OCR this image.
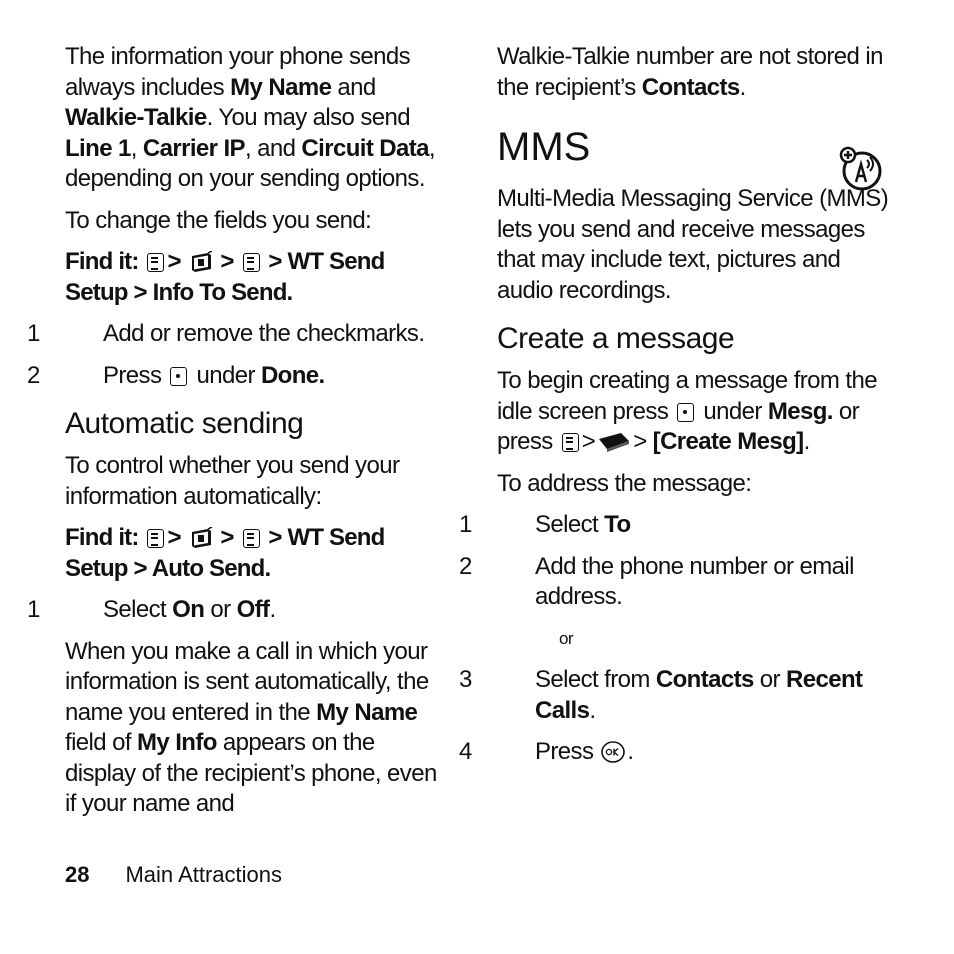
The information your phone sends always includes My Name and Walkie-Talkie. You may also send Line 1, Carrier IP, and Circuit Data, depending on your sending options.

To change the fields you send:

Find it: > > > WT Send Setup > Info To Send.

1	Add or remove the checkmarks.

2	Press  under Done.

Automatic sending

To control whether you send your information automatically:

Find it: > > > WT Send Setup > Auto Send.

1	Select On or Off.

When you make a call in which your information is sent automatically, the name you entered in the My Name field of My Info appears on the display of the recipient’s phone, even if your name and

Walkie-Talkie number are not stored in the recipient’s Contacts.

MMS

Multi-Media Messaging Service (MMS) lets you send and receive messages that may include text, pictures and audio recordings.

Create a message

To begin creating a message from the idle screen press  under Mesg. or press > > [Create Mesg].

To address the message:

1	Select To

2	Add the phone number or email address.

or

3	Select from Contacts or Recent Calls.

4	Press .

28 Main Attractions
